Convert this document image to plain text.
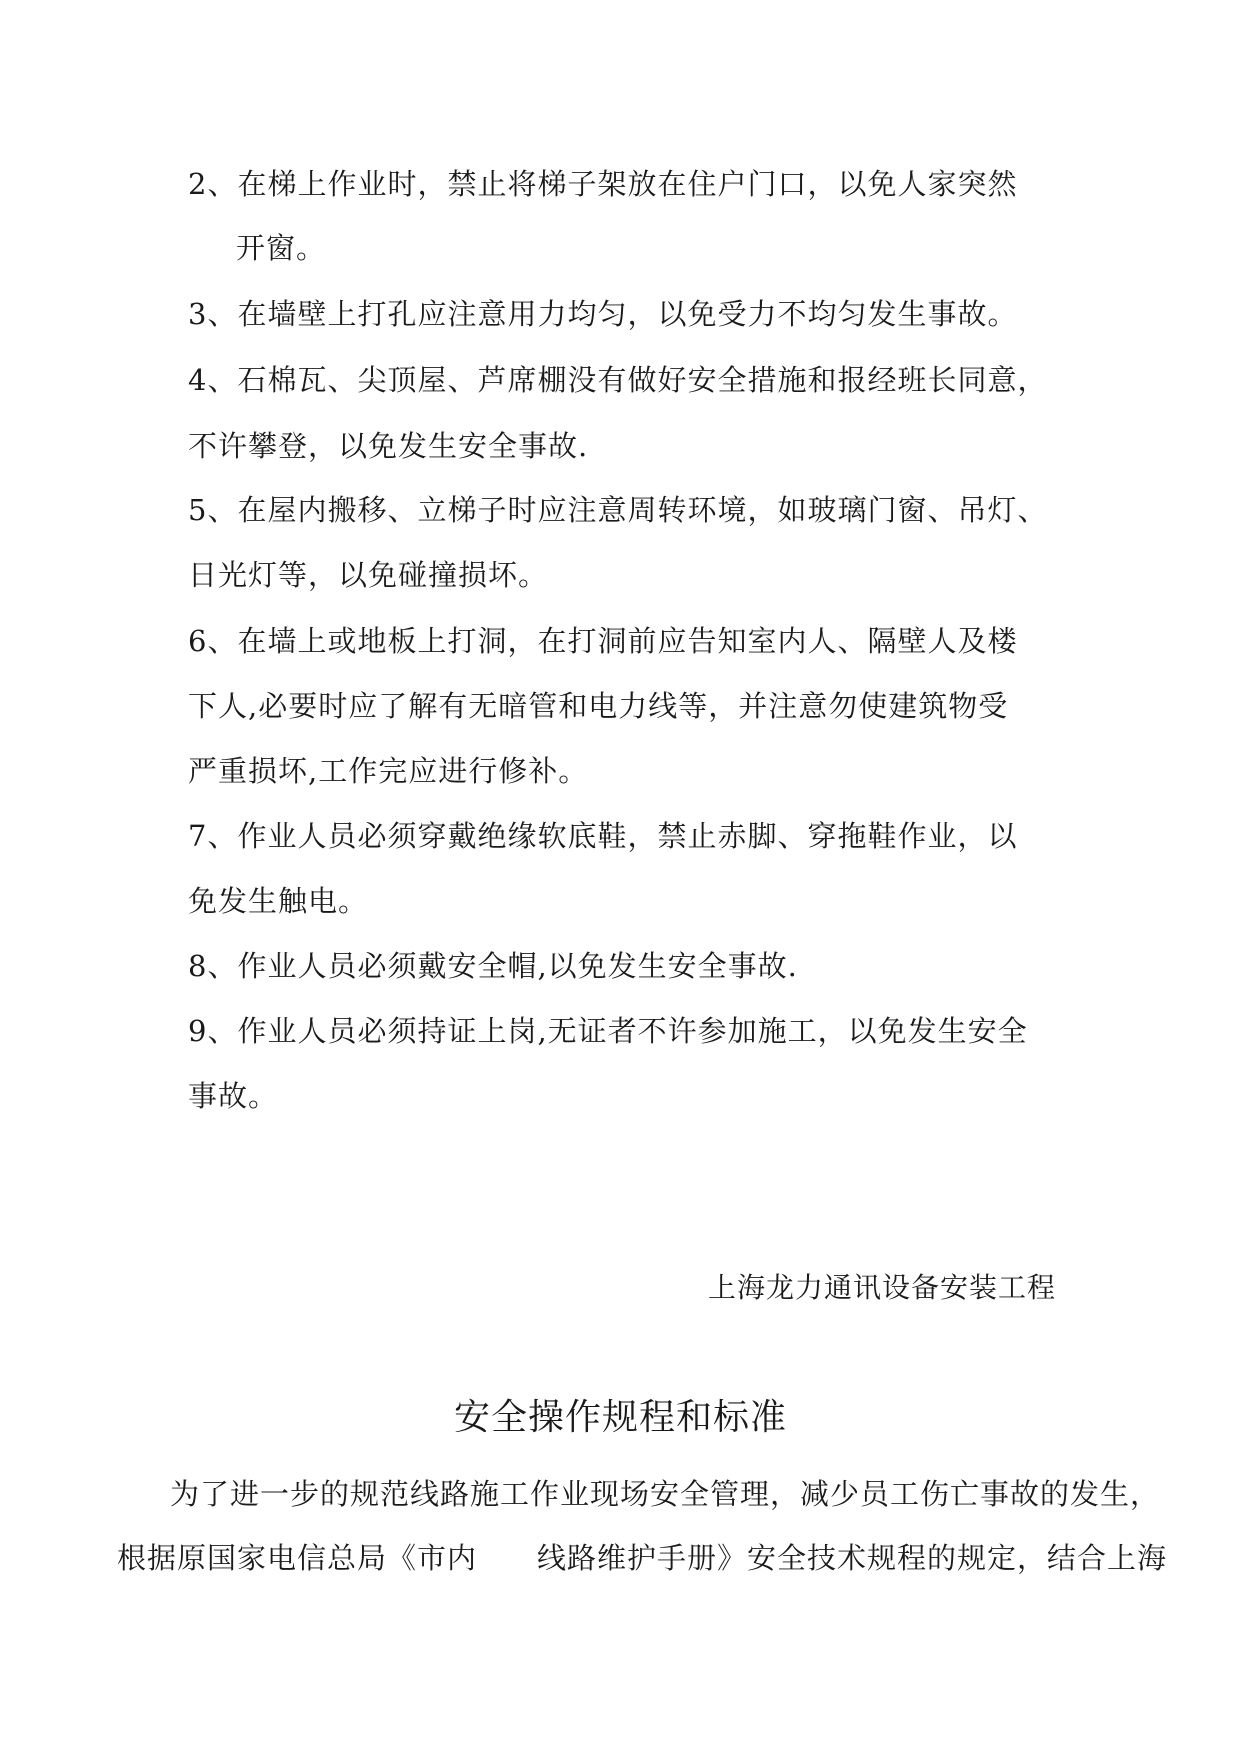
2、在梯上作业时，禁止将梯子架放在住户门口，以免人家突然
开窗。
3、在墙壁上打孔应注意用力均匀，以免受力不均匀发生事故。
4、石棉瓦、尖顶屋、芦席棚没有做好安全措施和报经班长同意，
不许攀登，以免发生安全事故.
5、在屋内搬移、立梯子时应注意周转环境，如玻璃门窗、吊灯、
日光灯等，以免碰撞损坏。
6、在墙上或地板上打洞，在打洞前应告知室内人、隔壁人及楼
下人,必要时应了解有无暗管和电力线等，并注意勿使建筑物受
严重损坏,工作完应进行修补。
7、作业人员必须穿戴绝缘软底鞋，禁止赤脚、穿拖鞋作业，以
免发生触电。
8、作业人员必须戴安全帽,以免发生安全事故.
9、作业人员必须持证上岗,无证者不许参加施工，以免发生安全
事故。
上海龙力通讯设备安装工程
安全操作规程和标准
为了进一步的规范线路施工作业现场安全管理，减少员工伤亡事故的发生，
根据原国家电信总局《市内 线路维护手册》安全技术规程的规定，结合上海
